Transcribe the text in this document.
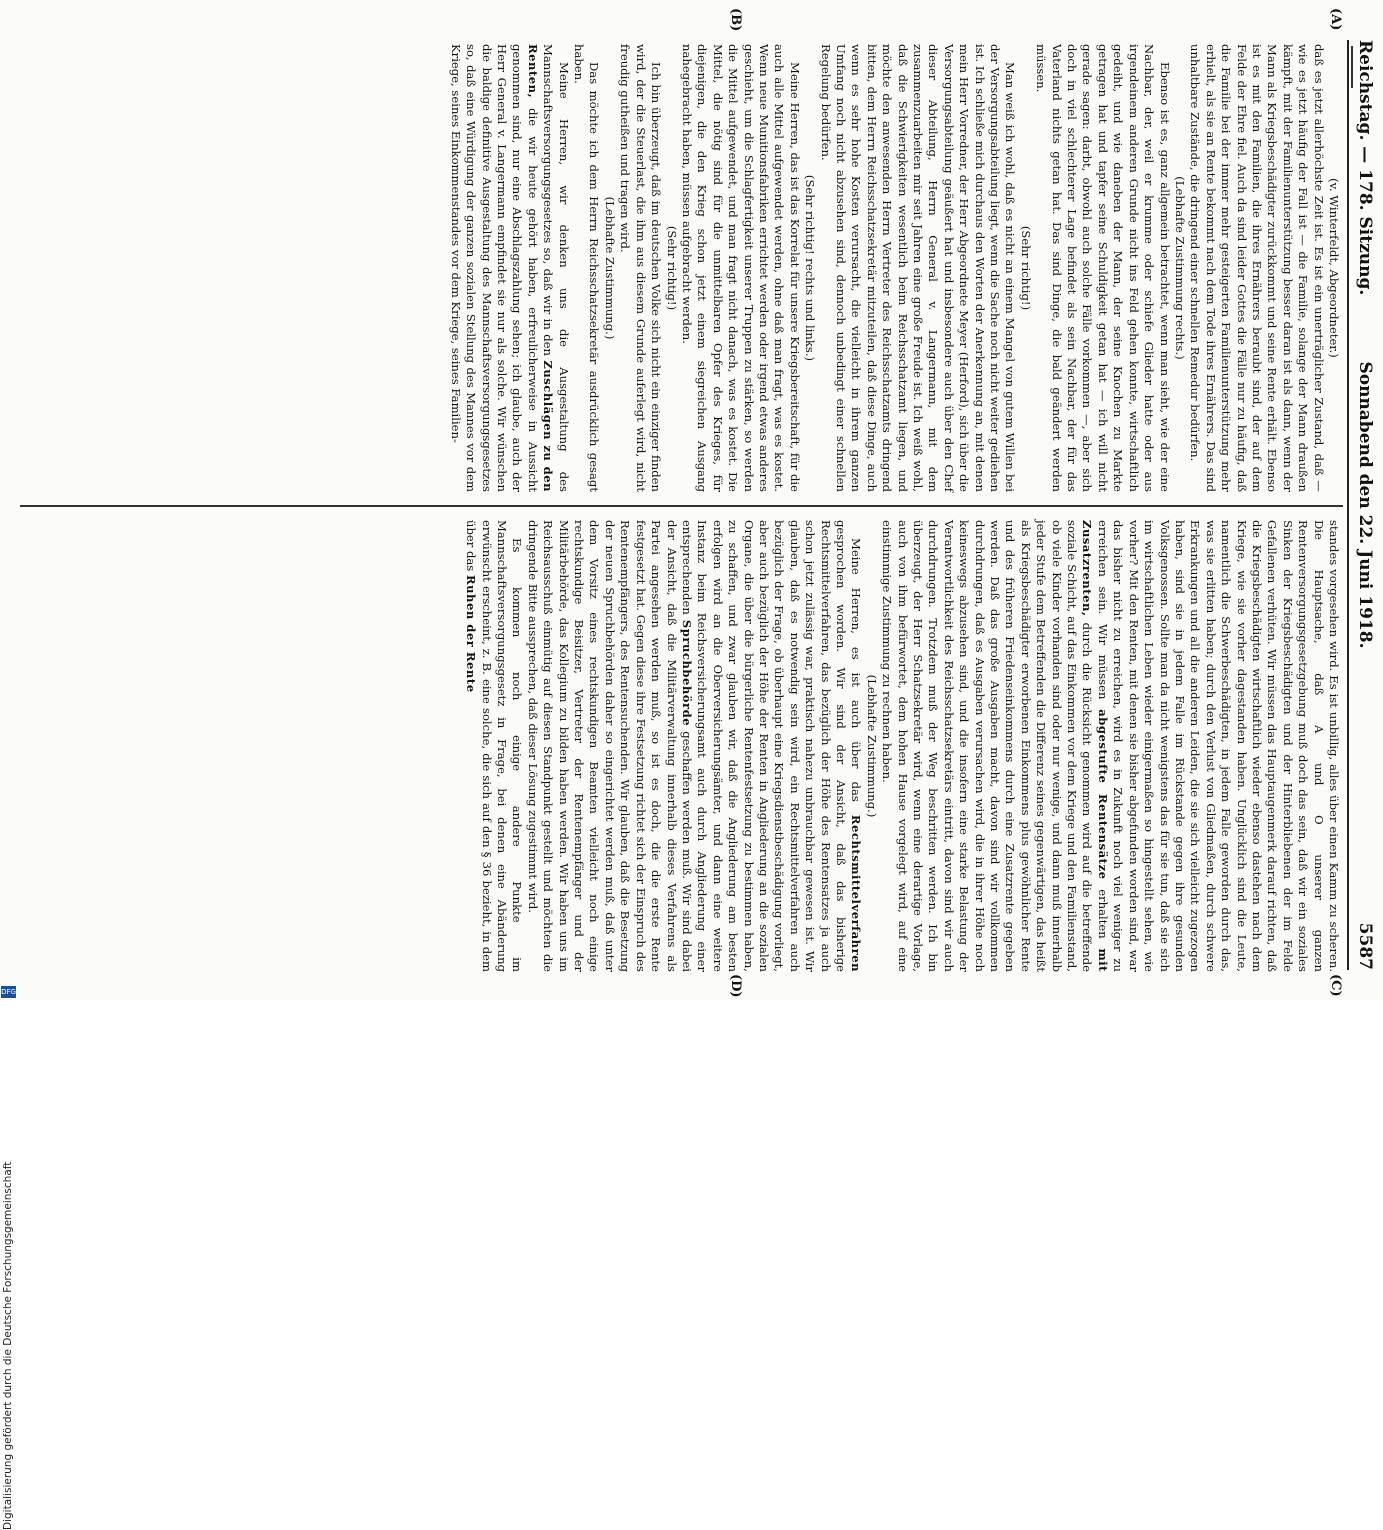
Reichstag. — 178. Sitzung.
Sonnabend den 22. Juni 1918.
5587
(A)
(B)
(C)
(D)

(v. Winterfeldt, Abgeordneter.)

daß es jetzt allerhöchste Zeit ist. Es ist ein unerträglicher Zustand, daß — wie es jetzt häufig der Fall ist — die Familie, solange der Mann draußen kämpft, mit der Familienunterstützung besser daran ist als dann, wenn der Mann als Kriegsbeschädigter zurückkommt und seine Rente erhält. Ebenso ist es mit den Familien, die ihres Ernährers beraubt sind, der auf dem Felde der Ehre fiel. Auch da sind leider Gottes die Fälle nur zu häufig, daß die Familie bei der immer mehr gesteigerten Familienunterstützung mehr erhielt, als sie an Rente bekommt nach dem Tode ihres Ernährers. Das sind unhaltbare Zustände, die dringend einer schnellen Remedur bedürfen.

(Lebhafte Zustimmung rechts.)

Ebenso ist es, ganz allgemein betrachtet, wenn man sieht, wie der eine Nachbar, der, weil er krumme oder schiefe Glieder hatte oder aus irgendeinem anderen Grunde nicht ins Feld gehen konnte, wirtschaftlich gedeiht, und wie daneben der Mann, der seine Knochen zu Markte getragen hat und tapfer seine Schuldigkeit getan hat — ich will nicht gerade sagen: darbt, obwohl auch solche Fälle vorkommen —, aber sich doch in viel schlechterer Lage befindet als sein Nachbar, der für das Vaterland nichts getan hat. Das sind Dinge, die bald geändert werden müssen.

(Sehr richtig!)

Man weiß ich wohl, daß es nicht an einem Mangel von gutem Willen bei der Versorgungsabteilung liegt, wenn die Sache noch nicht weiter gediehen ist. Ich schließe mich durchaus den Worten der Anerkennung an, mit denen mein Herr Vorredner, der Herr Abgeordnete Meyer (Herford), sich über die Versorgungsabteilung geäußert hat und insbesondere auch über den Chef dieser Abteilung, Herrn General v. Langermann, mit dem zusammenzuarbeiten mir seit Jahren eine große Freude ist. Ich weiß wohl, daß die Schwierigkeiten wesentlich beim Reichsschatzamt liegen, und möchte den anwesenden Herrn Vertreter des Reichsschatzamts dringend bitten, dem Herrn Reichsschatzsekretär mitzuteilen, daß diese Dinge, auch wenn es sehr hohe Kosten verursacht, die vielleicht in ihrem ganzen Umfang noch nicht abzusehen sind, dennoch unbedingt einer schnellen Regelung bedürfen.

(Sehr richtig! rechts und links.)

Meine Herren, das ist das Korrelat für unsere Kriegsbereitschaft, für die auch alle Mittel aufgewendet werden, ohne daß man fragt, was es kostet. Wenn neue Munitionsfabriken errichtet werden oder irgend etwas anderes geschieht, um die Schlagfertigkeit unserer Truppen zu stärken, so werden die Mittel aufgewendet, und man fragt nicht danach, was es kostet. Die Mittel, die nötig sind für die unmittelbaren Opfer des Krieges, für diejenigen, die den Krieg schon jetzt einem siegreichen Ausgang nahegebracht haben, müssen aufgebracht werden.

(Sehr richtig!)

Ich bin überzeugt, daß im deutschen Volke sich nicht ein einziger finden wird, der die Steuerlast, die ihm aus diesem Grunde auferlegt wird, nicht freudig gutheißen und tragen wird.

(Lebhafte Zustimmung.)

Das möchte ich dem Herrn Reichsschatzsekretär ausdrücklich gesagt haben.

Meine Herren, wir denken uns die Ausgestaltung des Mannschaftsversorgungsgesetzes so, daß wir in den Zuschlägen zu den Renten, die wir heute gehört haben, erfreulicherweise in Aussicht genommen sind, nur eine Abschlagszahlung sehen; ich glaube, auch der Herr General v. Langermann empfindet sie nur als solche. Wir wünschen die baldige definitive Ausgestaltung des Mannschaftsversorgungsgesetzes so, daß eine Würdigung der ganzen sozialen Stellung des Mannes vor dem Kriege, seines Einkommenstandes vor dem Kriege, seines Familien-

standes vorgesehen wird. Es ist unbillig, alles über einen Kamm zu scheren. Die Hauptsache, daß A und O unserer ganzen Rentenversorgungsgesetzgebung muß doch das sein, daß wir ein soziales Sinken der Kriegsbeschädigten und der Hinterbliebenen der im Felde Gefallenen verhüten. Wir müssen das Hauptaugenmerk darauf richten, daß die Kriegsbeschädigten wirtschaftlich wieder ebenso dastehen nach dem Kriege, wie sie vorher dagestanden haben. Unglücklich sind die Leute, namentlich die Schwerbeschädigten, in jedem Falle geworden durch das, was sie erlitten haben; durch den Verlust von Gliedmaßen, durch schwere Erkrankungen und all die anderen Leiden, die sie sich vielleicht zugezogen haben, sind sie in jedem Falle im Rückstande gegen ihre gesunden Volksgenossen. Sollte man da nicht wenigstens das für sie tun, daß sie sich im wirtschaftlichen Leben wieder einigermaßen so hingestellt sehen, wie vorher? Mit den Renten, mit denen sie bisher abgefunden worden sind, war das bisher nicht zu erreichen, wird es in Zukunft noch viel weniger zu erreichen sein. Wir müssen abgestufte Rentensätze erhalten mit Zusatzrenten, durch die Rücksicht genommen wird auf die betreffende soziale Schicht, auf das Einkommen vor dem Kriege und den Familienstand, ob viele Kinder vorhanden sind oder nur wenige, und dann muß innerhalb jeder Stufe dem Betreffenden die Differenz seines gegenwärtigen, das heißt als Kriegsbeschädigter erworbenen Einkommens plus gewöhnlicher Rente und des früheren Friedenseinkommens durch eine Zusatzrente gegeben werden. Daß das große Ausgaben macht, davon sind wir vollkommen durchdrungen, daß es Ausgaben verursachen wird, die in ihrer Höhe noch keineswegs abzusehen sind, und die insofern eine starke Belastung der Verantwortlichkeit des Reichsschatzsekretärs eintritt, davon sind wir auch durchdrungen. Trotzdem muß der Weg beschritten werden. Ich bin überzeugt, der Herr Schatzsekretär wird, wenn eine derartige Vorlage, auch von ihm befürwortet, dem hohen Hause vorgelegt wird, auf eine einstimmige Zustimmung zu rechnen haben.

(Lebhafte Zustimmung.)

Meine Herren, es ist auch über das Rechtsmittelverfahren gesprochen worden. Wir sind der Ansicht, daß das bisherige Rechtsmittelverfahren, das bezüglich der Höhe des Rentensatzes ja auch schon jetzt zulässig war, praktisch nahezu unbrauchbar gewesen ist. Wir glauben, daß es notwendig sein wird, ein Rechtsmittelverfahren auch bezüglich der Frage, ob überhaupt eine Kriegsdienstbeschädigung vorliegt, aber auch bezüglich der Höhe der Renten in Angliederung an die sozialen Organe, die über die bürgerliche Rentenfestsetzung zu bestimmen haben, zu schaffen, und zwar glauben wir, daß die Angliederung am besten erfolgen wird an die Oberversicherungsämter, und dann eine weitere Instanz beim Reichsversicherungsamt auch durch Angliederung einer entsprechenden Spruchbehörde geschaffen werden muß. Wir sind dabei der Ansicht, daß die Militärverwaltung innerhalb dieses Verfahrens als Partei angesehen werden muß, so ist es doch, die die erste Rente festgesetzt hat. Gegen diese ihre Festsetzung richtet sich der Einspruch des Rentenempfängers, des Rentensuchenden. Wir glauben, daß die Besetzung der neuen Spruchbehörden daher so eingerichtet werden muß, daß unter dem Vorsitz eines rechtskundigen Beamten vielleicht noch einige rechtskundige Beisitzer, Vertreter der Rentenempfänger und der Militärbehörde, das Kollegium zu bilden haben werden. Wir haben uns im Reichsausschuß einmütig auf diesen Standpunkt gestellt und möchten die dringende Bitte aussprechen, daß dieser Lösung zugestimmt wird.

Es kommen noch einige andere Punkte im Mannschaftsversorgungsgesetz in Frage, bei denen eine Abänderung erwünscht erscheint, z. B. eine solche, die sich auf den § 36 bezieht, in dem über das Ruhen der Rente

Digitalisierung gefördert durch die Deutsche Forschungsgemeinschaft
DFG
